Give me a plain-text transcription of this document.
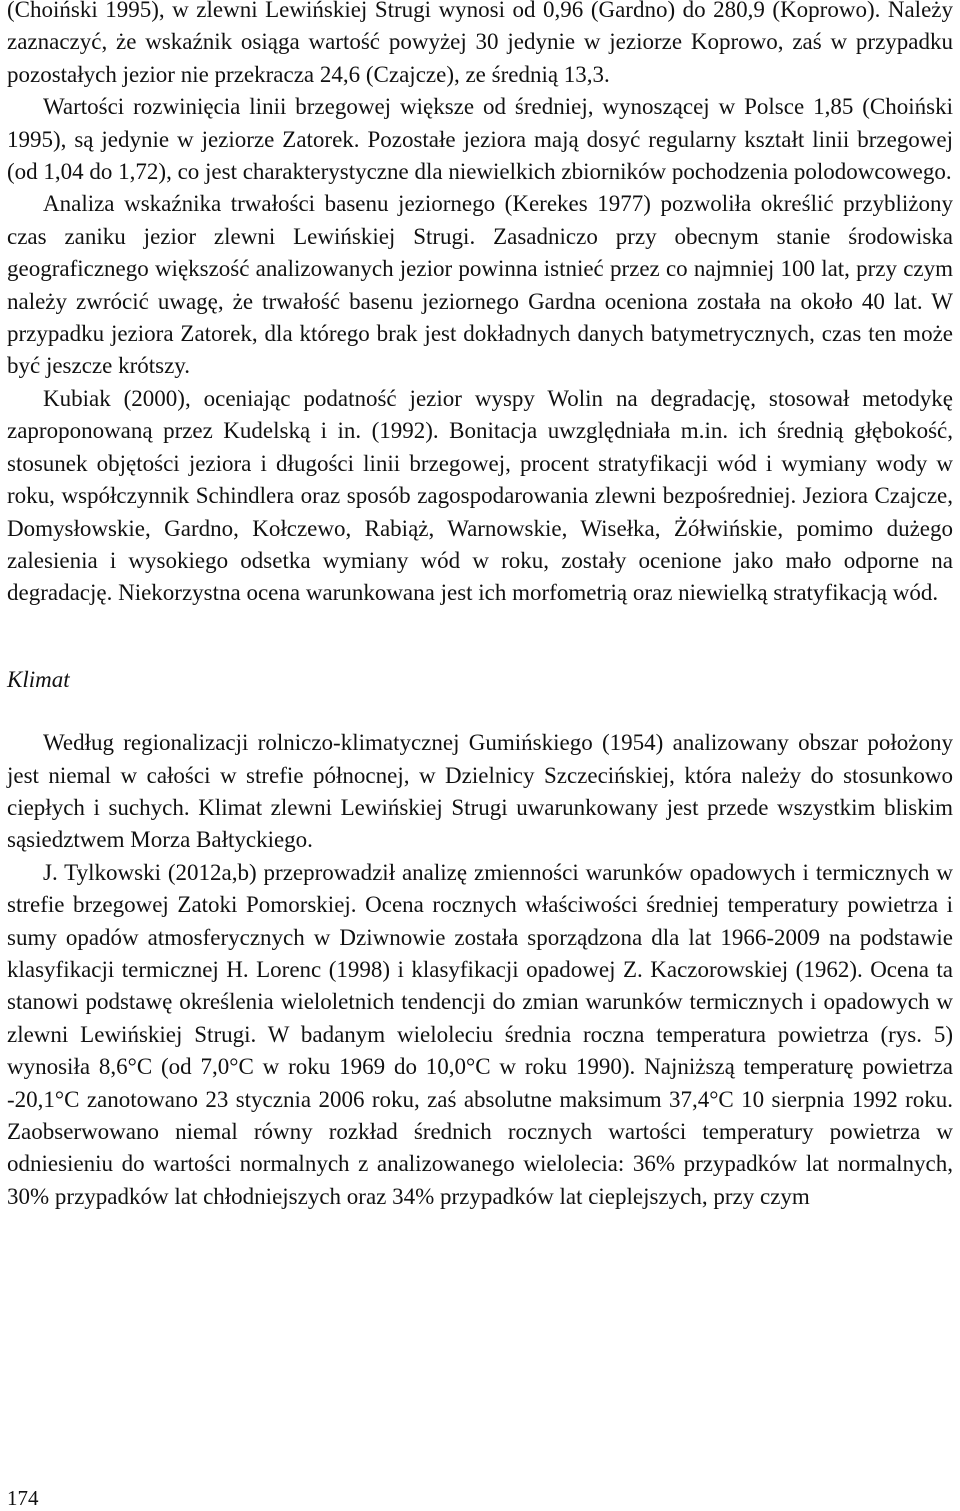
(Choiński 1995), w zlewni Lewińskiej Strugi wynosi od 0,96 (Gardno) do 280,9 (Koprowo). Należy zaznaczyć, że wskaźnik osiąga wartość powyżej 30 jedynie w jeziorze Koprowo, zaś w przypadku pozostałych jezior nie przekracza 24,6 (Czajcze), ze średnią 13,3.

Wartości rozwinięcia linii brzegowej większe od średniej, wynoszącej w Polsce 1,85 (Choiński 1995), są jedynie w jeziorze Zatorek. Pozostałe jeziora mają dosyć regularny kształt linii brzegowej (od 1,04 do 1,72), co jest charakterystyczne dla niewielkich zbiorników pochodzenia polodowcowego.

Analiza wskaźnika trwałości basenu jeziornego (Kerekes 1977) pozwoliła określić przybliżony czas zaniku jezior zlewni Lewińskiej Strugi. Zasadniczo przy obecnym stanie środowiska geograficznego większość analizowanych jezior powinna istnieć przez co najmniej 100 lat, przy czym należy zwrócić uwagę, że trwałość basenu jeziornego Gardna oceniona została na około 40 lat. W przypadku jeziora Zatorek, dla którego brak jest dokładnych danych batymetrycznych, czas ten może być jeszcze krótszy.

Kubiak (2000), oceniając podatność jezior wyspy Wolin na degradację, stosował metodykę zaproponowaną przez Kudelską i in. (1992). Bonitacja uwzględniała m.in. ich średnią głębokość, stosunek objętości jeziora i długości linii brzegowej, procent stratyfikacji wód i wymiany wody w roku, współczynnik Schindlera oraz sposób zagospodarowania zlewni bezpośredniej. Jeziora Czajcze, Domysłowskie, Gardno, Kołczewo, Rabiąż, Warnowskie, Wisełka, Żółwińskie, pomimo dużego zalesienia i wysokiego odsetka wymiany wód w roku, zostały ocenione jako mało odporne na degradację. Niekorzystna ocena warunkowana jest ich morfometrią oraz niewielką stratyfikacją wód.

Klimat

Według regionalizacji rolniczo-klimatycznej Gumińskiego (1954) analizowany obszar położony jest niemal w całości w strefie północnej, w Dzielnicy Szczecińskiej, która należy do stosunkowo ciepłych i suchych. Klimat zlewni Lewińskiej Strugi uwarunkowany jest przede wszystkim bliskim sąsiedztwem Morza Bałtyckiego.

J. Tylkowski (2012a,b) przeprowadził analizę zmienności warunków opadowych i termicznych w strefie brzegowej Zatoki Pomorskiej. Ocena rocznych właściwości średniej temperatury powietrza i sumy opadów atmosferycznych w Dziwnowie została sporządzona dla lat 1966-2009 na podstawie klasyfikacji termicznej H. Lorenc (1998) i klasyfikacji opadowej Z. Kaczorowskiej (1962). Ocena ta stanowi podstawę określenia wieloletnich tendencji do zmian warunków termicznych i opadowych w zlewni Lewińskiej Strugi. W badanym wieloleciu średnia roczna temperatura powietrza (rys. 5) wynosiła 8,6°C (od 7,0°C w roku 1969 do 10,0°C w roku 1990). Najniższą temperaturę powietrza -20,1°C zanotowano 23 stycznia 2006 roku, zaś absolutne maksimum 37,4°C 10 sierpnia 1992 roku. Zaobserwowano niemal równy rozkład średnich rocznych wartości temperatury powietrza w odniesieniu do wartości normalnych z analizowanego wielolecia: 36% przypadków lat normalnych, 30% przypadków lat chłodniejszych oraz 34% przypadków lat cieplejszych, przy czym

174
